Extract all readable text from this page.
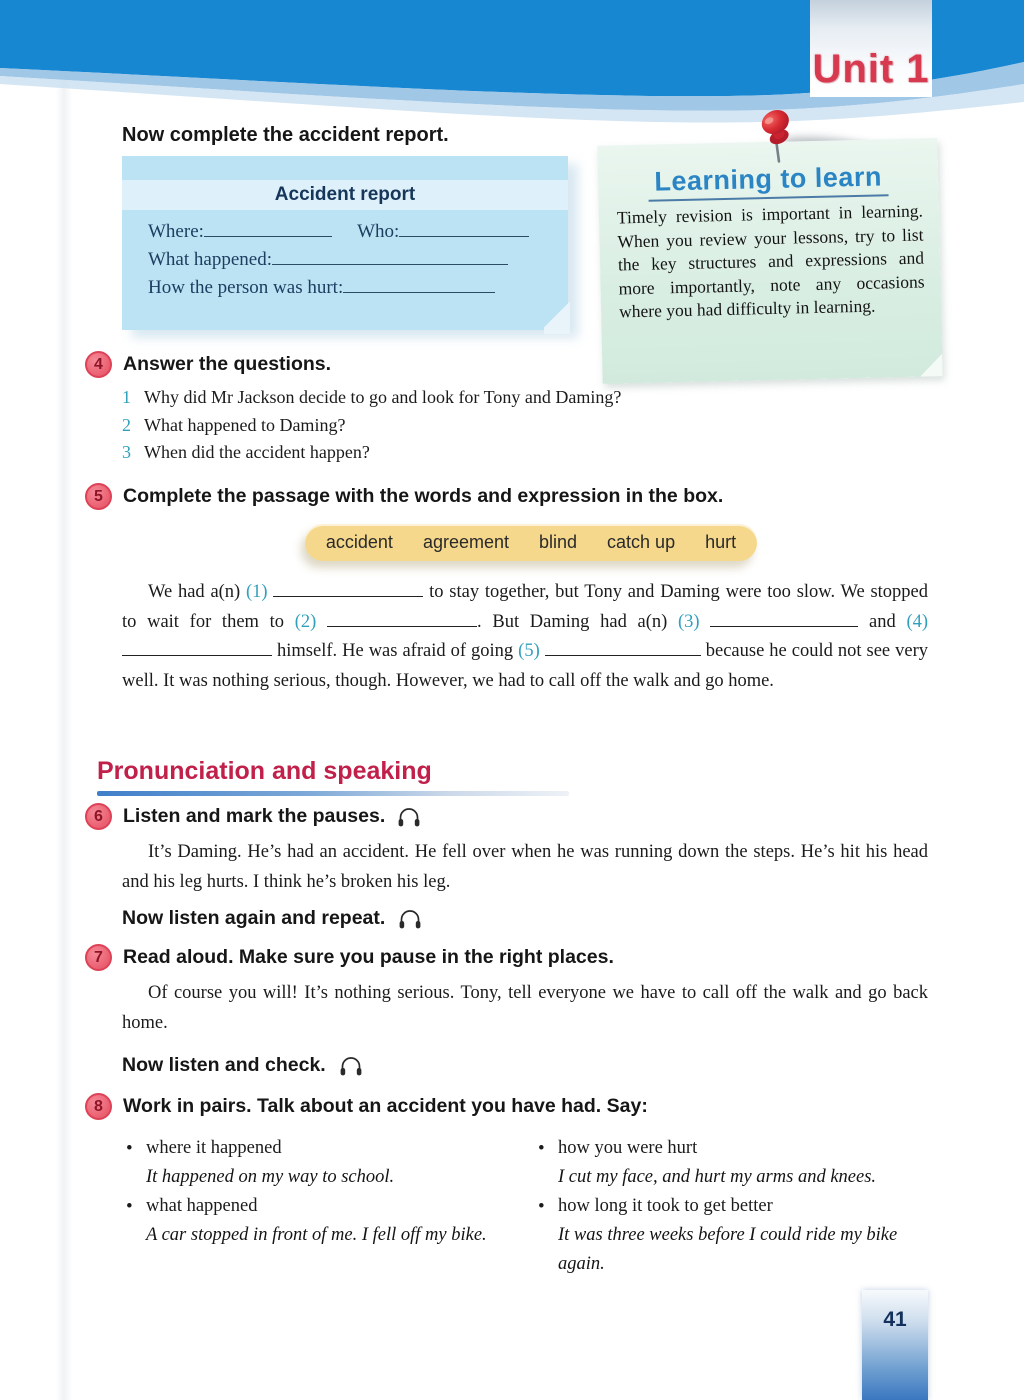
Unit 1
Now complete the accident report.
Accident report
Where:	Who:
What happened:
How the person was hurt:
Learning to learn
Timely revision is important in learning. When you review your lessons, try to list the key structures and expressions and more importantly, note any occasions where you had difficulty in learning.
4	Answer the questions.
1 Why did Mr Jackson decide to go and look for Tony and Daming?
2 What happened to Daming?
3 When did the accident happen?
5	Complete the passage with the words and expression in the box.
accident agreement blind catch up hurt
We had a(n) (1)	to stay together, but Tony and Daming were too slow. We stopped to wait for them to (2)	. But Daming had a(n) (3)	and (4)  himself. He was afraid of going (5)	because he could not see very well. It was nothing serious, though. However, we had to call off the walk and go home.
Pronunciation and speaking
6	Listen and mark the pauses.
It’s Daming. He’s had an accident. He fell over when he was running down the steps. He’s hit his head and his leg hurts. I think he’s broken his leg.
Now listen again and repeat.
7	Read aloud. Make sure you pause in the right places.
Of course you will! It’s nothing serious. Tony, tell everyone we have to call off the walk and go back home.
Now listen and check.
8	Work in pairs. Talk about an accident you have had. Say:
• where it happened
It happened on my way to school.
• what happened
A car stopped in front of me. I fell off my bike.
• how you were hurt
I cut my face, and hurt my arms and knees.
• how long it took to get better
It was three weeks before I could ride my bike again.
41
